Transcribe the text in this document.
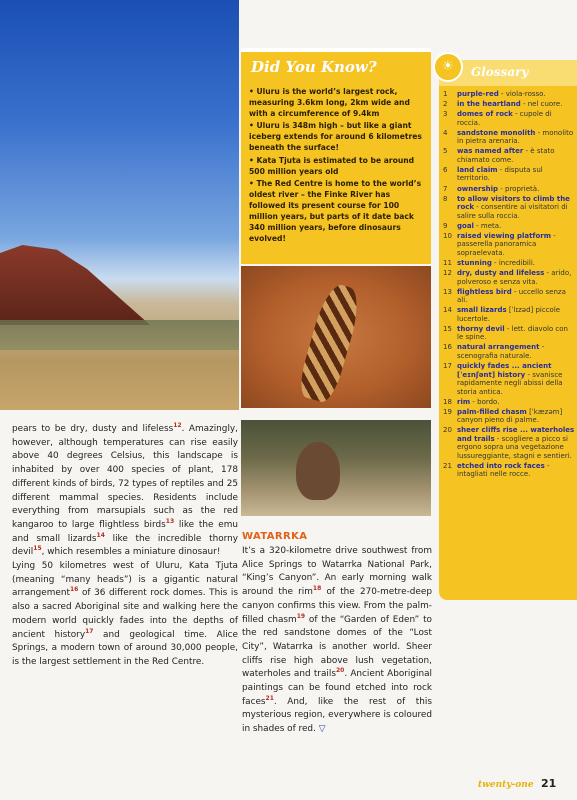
pears to be dry, dusty and lifeless$^{12}$. Amazingly, however, although temperatures can rise easily above 40 degrees Celsius, this landscape is inhabited by over 400 species of plant, 178 different kinds of birds, 72 types of reptiles and 25 different mammal species. Residents include everything from marsupials such as the red kangaroo to large flightless birds$^{13}$ like the emu and small lizards$^{14}$ like the incredible thorny devil$^{15}$, which resembles a miniature dinosaur!

Lying 50 kilometres west of Uluru, Kata Tjuta (meaning “many heads”) is a gigantic natural arrangement$^{16}$ of 36 different rock domes. This is also a sacred Aboriginal site and walking here the modern world quickly fades into the depths of ancient history$^{17}$ and geological time. Alice Springs, a modern town of around 30,000 people, is the largest settlement in the Red Centre.

Did You Know?

• Uluru is the world’s largest rock, measuring 3.6km long, 2km wide and with a circumference of 9.4km

• Uluru is 348m high – but like a giant iceberg extends for around 6 kilometres beneath the surface!

• Kata Tjuta is estimated to be around 500 million years old

• The Red Centre is home to the world’s oldest river – the Finke River has followed its present course for 100 million years, but parts of it date back 340 million years, before dinosaurs evolved!

WATARRKA

It’s a 320-kilometre drive southwest from Alice Springs to Watarrka National Park, “King’s Canyon”. An early morning walk around the rim$^{18}$ of the 270-metre-deep canyon confirms this view. From the palm-filled chasm$^{19}$ of the “Garden of Eden” to the red sandstone domes of the “Lost City”, Watarrka is another world. Sheer cliffs rise high above lush vegetation, waterholes and trails$^{20}$. Ancient Aboriginal paintings can be found etched into rock faces$^{21}$. And, like the rest of this mysterious region, everywhere is coloured in shades of red. ▽

☀	Glossary
1	purple-red - viola-rosso.
2	in the heartland - nel cuore.
3	domes of rock - cupole di roccia.
4	sandstone monolith - monolito in pietra arenaria.
5	was named after - è stato chiamato come.
6	land claim - disputa sul territorio.
7	ownership - proprietà.
8	to allow visitors to climb the rock - consentire ai visitatori di salire sulla roccia.
9	goal - meta.
10 raised viewing platform - passerella panoramica sopraelevata.
11 stunning - incredibili.
12 dry, dusty and lifeless - arido, polveroso e senza vita.
13 flightless bird - uccello senza ali.
14 small lizards [ˈlɪzəd] piccole lucertole.
15 thorny devil - lett. diavolo con le spine.
16 natural arrangement - scenografia naturale.
17 quickly fades ... ancient [ˈeɪnʃənt] history - svanisce rapidamente negli abissi della storia antica.
18 rim - bordo.
19 palm-filled chasm [ˈkæzəm] canyon pieno di palme.
20 sheer cliffs rise ... waterholes and trails - scogliere a picco si ergono sopra una vegetazione lussureggiante, stagni e sentieri.
21 etched into rock faces - intagliati nelle rocce.
twenty-one 21
